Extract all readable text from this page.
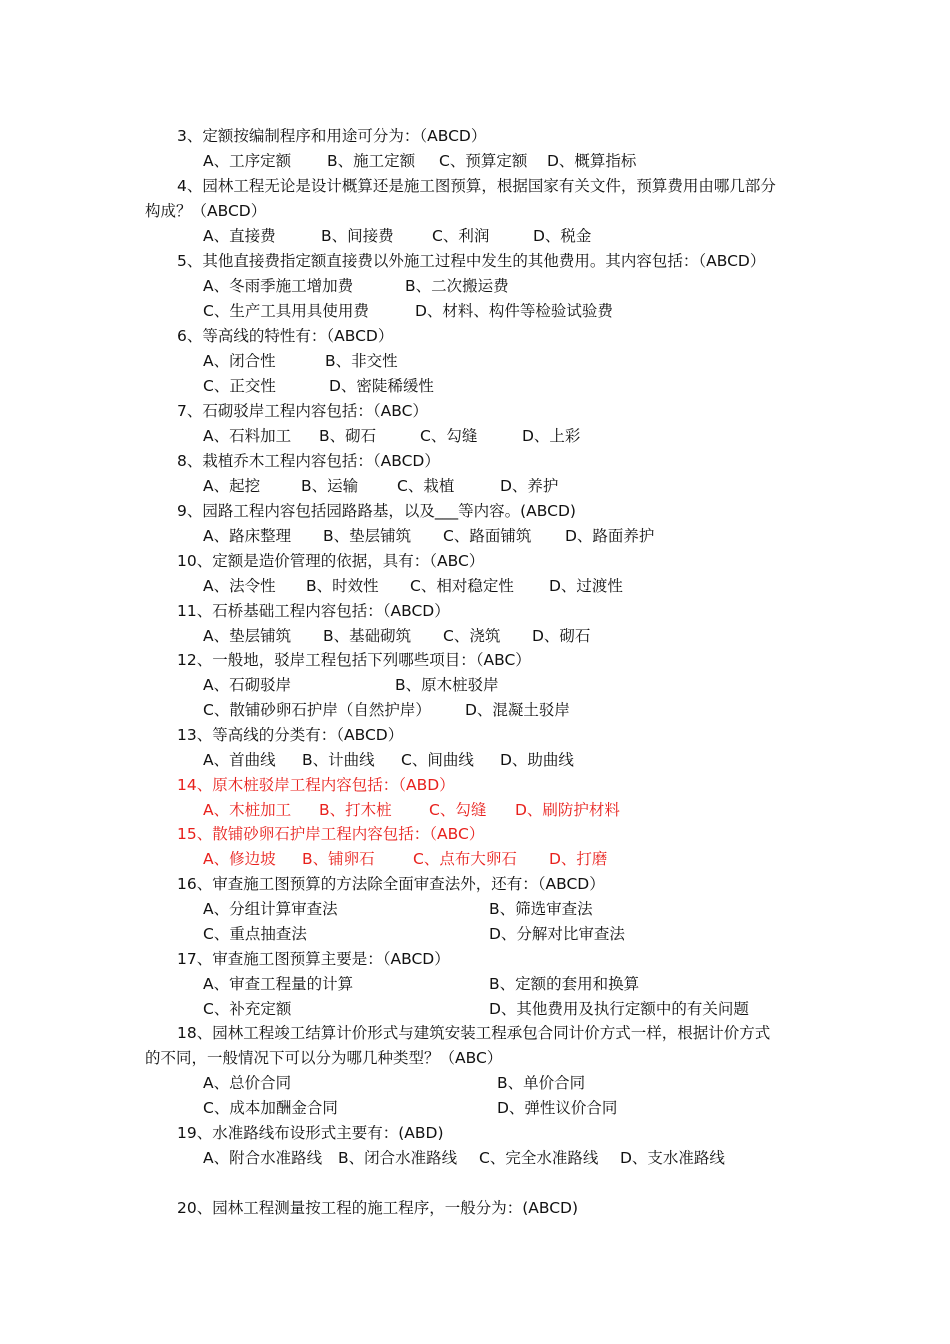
3、定额按编制程序和用途可分为：（ABCD）

A、工序定额

B、施工定额

C、预算定额

D、概算指标

4、园林工程无论是设计概算还是施工图预算，根据国家有关文件，预算费用由哪几部分
构成？（ABCD）

A、直接费

	B、间接费

C、利润

	D、税金

5、其他直接费指定额直接费以外施工过程中发生的其他费用。其内容包括：（ABCD）

A、冬雨季施工增加费

	B、二次搬运费

C、生产工具用具使用费

	D、材料、构件等检验试验费

6、等高线的特性有：（ABCD）

A、闭合性

	B、非交性

C、正交性

	D、密陡稀缓性

7、石砌驳岸工程内容包括：（ABC）

A、石料加工

B、砌石

	C、勾缝

	D、上彩

8、栽植乔木工程内容包括：（ABCD）

A、起挖

	B、运输

	C、栽植

	D、养护

9、园路工程内容包括园路路基，以及___等内容。(ABCD)

A、路床整理

B、垫层铺筑

C、路面铺筑

D、路面养护

10、定额是造价管理的依据，具有：（ABC）

A、法令性

B、时效性

C、相对稳定性

D、过渡性

11、石桥基础工程内容包括：（ABCD）

A、垫层铺筑

B、基础砌筑

C、浇筑

D、砌石

12、一般地，驳岸工程包括下列哪些项目：（ABC）

A、石砌驳岸

	B、原木桩驳岸

C、散铺砂卵石护岸（自然护岸）

D、混凝土驳岸

13、等高线的分类有：（ABCD）

A、首曲线

B、计曲线

C、间曲线

D、助曲线

14、原木桩驳岸工程内容包括：（ABD）

A、木桩加工

B、打木桩

C、勾缝

D、刷防护材料

15、散铺砂卵石护岸工程内容包括：（ABC）

A、修边坡

B、铺卵石

C、点布大卵石

D、打磨

16、审查施工图预算的方法除全面审查法外，还有：（ABCD）

A、分组计算审查法

	B、筛选审查法

C、重点抽查法

	D、分解对比审查法

17、审查施工图预算主要是：（ABCD）

A、审查工程量的计算

	B、定额的套用和换算

C、补充定额

	D、其他费用及执行定额中的有关问题

18、园林工程竣工结算计价形式与建筑安装工程承包合同计价方式一样，根据计价方式
的不同，一般情况下可以分为哪几种类型？（ABC）

A、总价合同

	B、单价合同

C、成本加酬金合同

	D、弹性议价合同

19、水准路线布设形式主要有：(ABD)

A、附合水准路线

B、闭合水准路线

C、完全水准路线

D、支水准路线

20、园林工程测量按工程的施工程序，一般分为：(ABCD)
